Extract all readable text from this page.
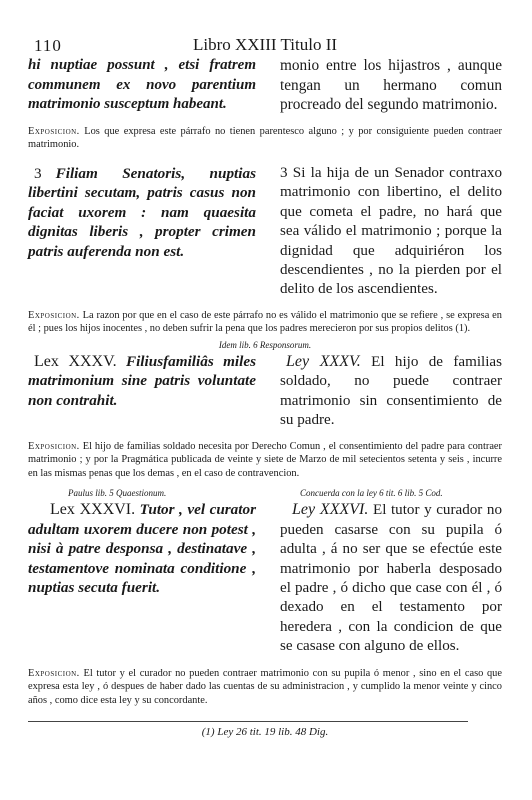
110	Libro XXIII Titulo II
hi nuptiae possunt , etsi fratrem communem ex novo parentium matrimonio susceptum habeant.
monio entre los hijastros , aunque tengan un hermano comun procreado del segundo matrimonio.

Exposicion. Los que expresa este párrafo no tienen parentesco alguno ; y por consiguiente pueden contraer matrimonio.

3 Filiam Senatoris, nuptias libertini secutam, patris casus non faciat uxorem : nam quaesita dignitas liberis , propter crimen patris auferenda non est.
3 Si la hija de un Senador contraxo matrimonio con libertino, el delito que cometa el padre, no hará que sea válido el matrimonio ; porque la dignidad que adquiriéron los descendientes , no la pierden por el delito de los ascendientes.

Exposicion. La razon por que en el caso de este párrafo no es válido el matrimonio que se refiere , se expresa en él ; pues los hijos inocentes , no deben sufrir la pena que los padres merecieron por sus propios delitos (1).

Idem lib. 6 Responsorum.
Lex XXXV. Filiusfamiliâs miles matrimonium sine patris voluntate non contrahit.
Ley XXXV. El hijo de familias soldado, no puede contraer matrimonio sin consentimiento de su padre.

Exposicion. El hijo de familias soldado necesita por Derecho Comun , el consentimiento del padre para contraer matrimonio ; y por la Pragmática publicada de veinte y siete de Marzo de mil setecientos setenta y seis , incurre en las mismas penas que los demas , en el caso de contravencion.

Paulus lib. 5 Quaestionum.	Concuerda con la ley 6 tit. 6 lib. 5 Cod.
Lex XXXVI. Tutor , vel curator adultam uxorem ducere non potest , nisi à patre desponsa , destinatave , testamentove nominata conditione , nuptias secuta fuerit.
Ley XXXVI. El tutor y curador no pueden casarse con su pupila ó adulta , á no ser que se efectúe este matrimonio por haberla desposado el padre , ó dicho que case con él , ó dexado en el testamento por heredera , con la condicion de que se casase con alguno de ellos.

Exposicion. El tutor y el curador no pueden contraer matrimonio con su pupila ó menor , sino en el caso que expresa esta ley , ó despues de haber dado las cuentas de su administracion , y cumplido la menor veinte y cinco años , como dice esta ley y su concordante.

(1) Ley 26 tit. 19 lib. 48 Dig.
